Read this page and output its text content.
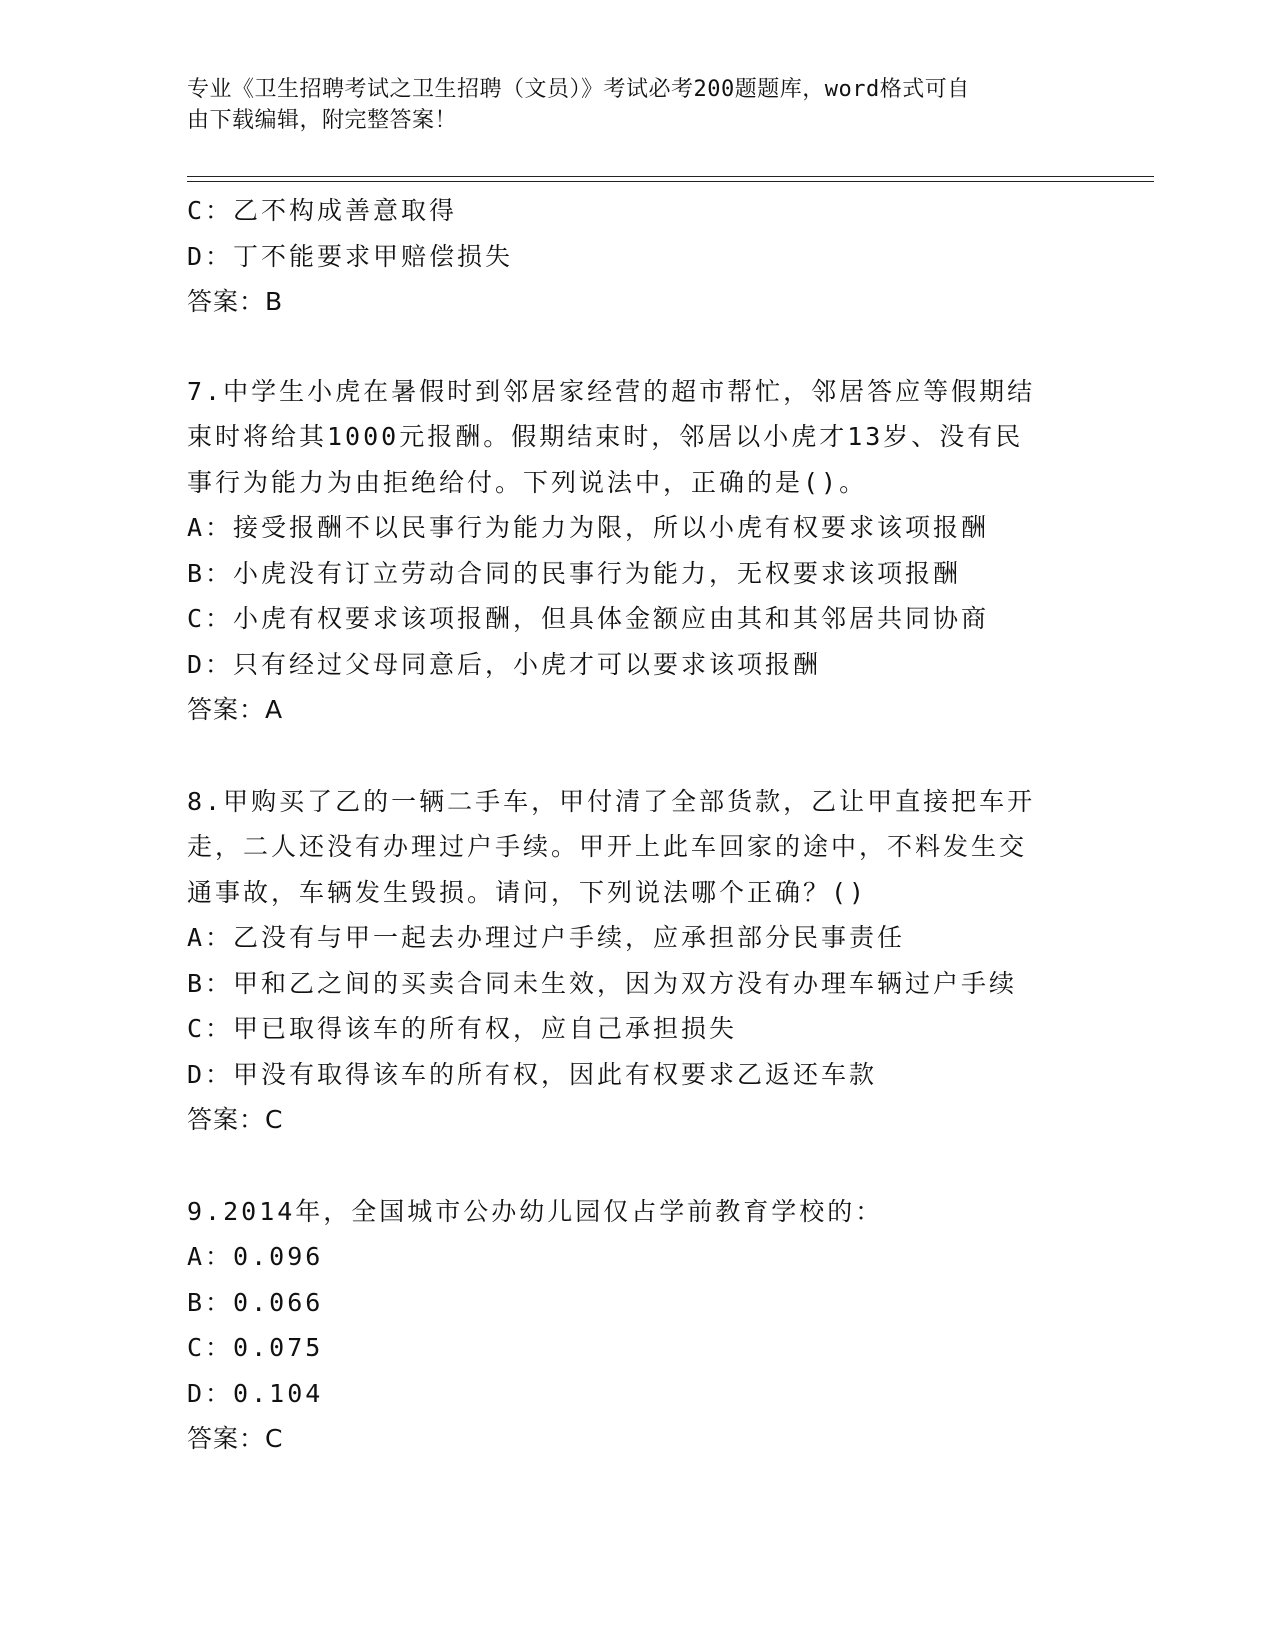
专业《卫生招聘考试之卫生招聘（文员）》考试必考200题题库，word格式可自
由下载编辑，附完整答案！
C：乙不构成善意取得
D：丁不能要求甲赔偿损失
答案：B
7.中学生小虎在暑假时到邻居家经营的超市帮忙，邻居答应等假期结
束时将给其1000元报酬。假期结束时，邻居以小虎才13岁、没有民
事行为能力为由拒绝给付。下列说法中，正确的是()。
A：接受报酬不以民事行为能力为限，所以小虎有权要求该项报酬
B：小虎没有订立劳动合同的民事行为能力，无权要求该项报酬
C：小虎有权要求该项报酬，但具体金额应由其和其邻居共同协商
D：只有经过父母同意后，小虎才可以要求该项报酬
答案：A
8.甲购买了乙的一辆二手车，甲付清了全部货款，乙让甲直接把车开
走，二人还没有办理过户手续。甲开上此车回家的途中，不料发生交
通事故，车辆发生毁损。请问，下列说法哪个正确？()
A：乙没有与甲一起去办理过户手续，应承担部分民事责任
B：甲和乙之间的买卖合同未生效，因为双方没有办理车辆过户手续
C：甲已取得该车的所有权，应自己承担损失
D：甲没有取得该车的所有权，因此有权要求乙返还车款
答案：C
9.2014年，全国城市公办幼儿园仅占学前教育学校的：
A：0.096
B：0.066
C：0.075
D：0.104
答案：C
